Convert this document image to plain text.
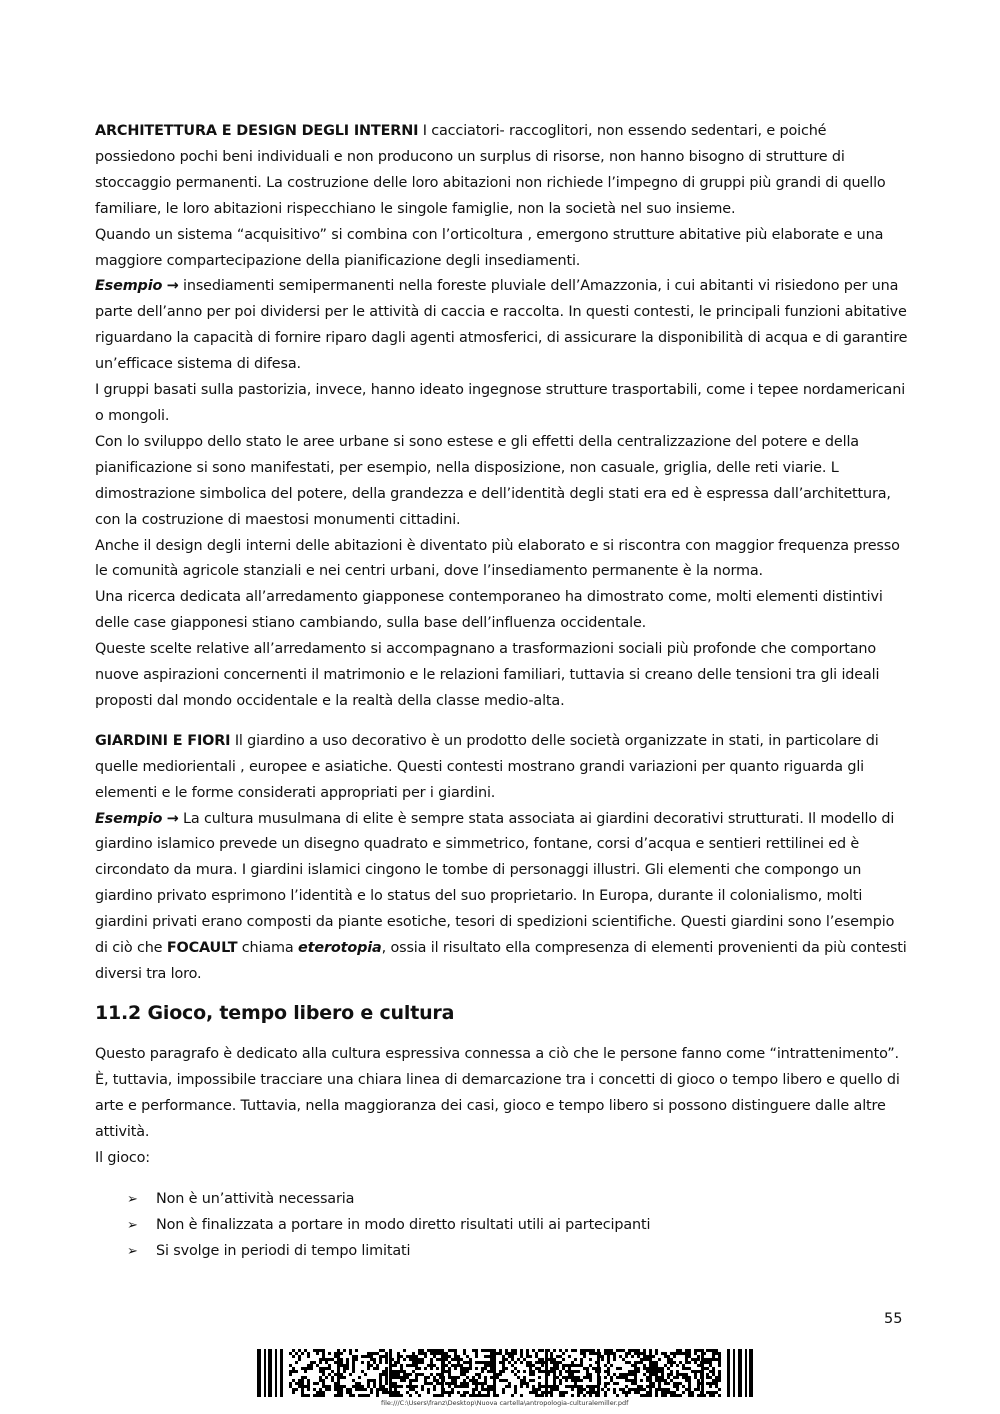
ARCHITETTURA E DESIGN DEGLI INTERNI I cacciatori- raccoglitori, non essendo sedentari, e poiché possiedono pochi beni individuali e non producono un surplus di risorse, non hanno bisogno di strutture di stoccaggio permanenti. La costruzione delle loro abitazioni non richiede l’impegno di gruppi più grandi di quello familiare, le loro abitazioni rispecchiano le singole famiglie, non la società nel suo insieme.

Quando un sistema “acquisitivo” si combina con l’orticoltura , emergono strutture abitative più elaborate e una maggiore compartecipazione della pianificazione degli insediamenti.

Esempio → insediamenti semipermanenti nella foreste pluviale dell’Amazzonia, i cui abitanti vi risiedono per una parte dell’anno per poi dividersi per le attività di caccia e raccolta. In questi contesti, le principali funzioni abitative riguardano la capacità di fornire riparo dagli agenti atmosferici, di assicurare la disponibilità di acqua e di garantire un’efficace sistema di difesa.

I gruppi basati sulla pastorizia, invece, hanno ideato ingegnose strutture trasportabili, come i tepee nordamericani o mongoli.

Con lo sviluppo dello stato le aree urbane si sono estese e gli effetti della centralizzazione del potere e della pianificazione si sono manifestati, per esempio, nella disposizione, non casuale, griglia, delle reti viarie. L dimostrazione simbolica del potere, della grandezza e dell’identità degli stati era ed è espressa dall’architettura, con la costruzione di maestosi monumenti cittadini.

Anche il design degli interni delle abitazioni è diventato più elaborato e si riscontra con maggior frequenza presso le comunità agricole stanziali e nei centri urbani, dove l’insediamento permanente è la norma.

Una ricerca dedicata all’arredamento giapponese contemporaneo ha dimostrato come, molti elementi distintivi delle case giapponesi stiano cambiando, sulla base dell’influenza occidentale.

Queste scelte relative all’arredamento si accompagnano a trasformazioni sociali più profonde che comportano nuove aspirazioni concernenti il matrimonio e le relazioni familiari, tuttavia si creano delle tensioni tra gli ideali proposti dal mondo occidentale e la realtà della classe medio-alta.

GIARDINI E FIORI Il giardino a uso decorativo è un prodotto delle società organizzate in stati, in particolare di quelle mediorientali , europee e asiatiche. Questi contesti mostrano grandi variazioni per quanto riguarda gli elementi e le forme considerati appropriati per i giardini.

Esempio → La cultura musulmana di elite è sempre stata associata ai giardini decorativi strutturati. Il modello di giardino islamico prevede un disegno quadrato e simmetrico, fontane, corsi d’acqua e sentieri rettilinei ed è circondato da mura. I giardini islamici cingono le tombe di personaggi illustri. Gli elementi che compongo un giardino privato esprimono l’identità e lo status del suo proprietario. In Europa, durante il colonialismo, molti giardini privati erano composti da piante esotiche, tesori di spedizioni scientifiche. Questi giardini sono l’esempio di ciò che FOCAULT chiama eterotopia, ossia il risultato ella compresenza di elementi provenienti da più contesti diversi tra loro.

11.2 Gioco, tempo libero e cultura

Questo paragrafo è dedicato alla cultura espressiva connessa a ciò che le persone fanno come “intrattenimento”. È, tuttavia, impossibile tracciare una chiara linea di demarcazione tra i concetti di gioco o tempo libero e quello di arte e performance. Tuttavia, nella maggioranza dei casi, gioco e tempo libero si possono distinguere dalle altre attività.

Il gioco:

➢ Non è un’attività necessaria
➢ Non è finalizzata a portare in modo diretto risultati utili ai partecipanti
➢ Si svolge in periodi di tempo limitati
55
file:///C:\Users\franz\Desktop\Nuova cartella\antropologia-culturalemiller.pdf
